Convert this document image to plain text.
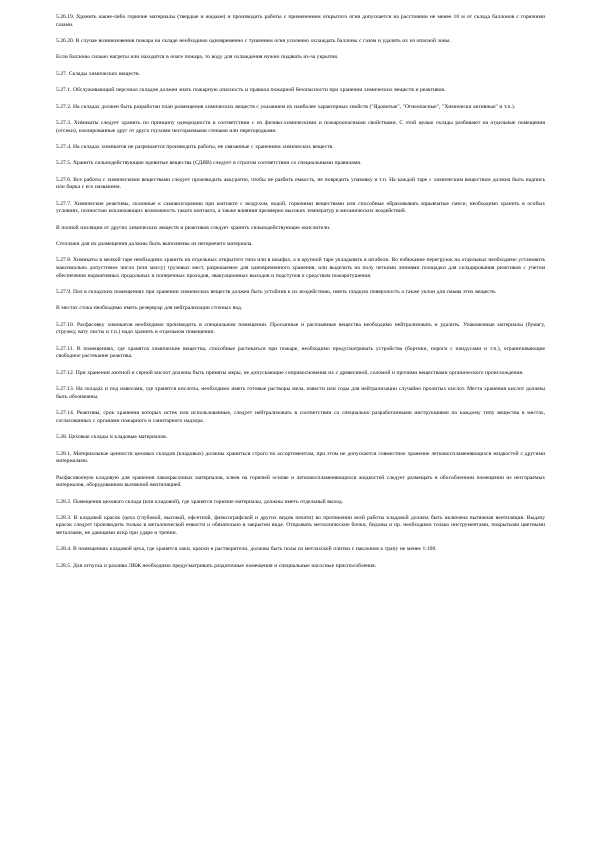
5.26.19. Хранить какие-либо горючие материалы (твердые и жидкие) и производить работы с применением открытого огня допускается на расстоянии не менее 10 м от склада баллонов с горючими газами.

5.26.20. В случае возникновения пожара на складе необходимо одновременно с тушением огня усиленно охлаждать баллоны с газом и удалять их из опасной зоны.

Если баллоны сильно нагреты или находятся в очаге пожара, то воду для охлаждения нужно подавать из-за укрытия.

5.27. Склады химических веществ.

5.27.1. Обслуживающий персонал складов должен знать пожарную опасность и правила пожарной безопасности при хранении химических веществ и реактивов.

5.27.2. На складах должен быть разработан план размещения химических веществ с указанием их наиболее характерных свойств ("Ядовитые", "Огнеопасные", "Химически активные" и т.п.).

5.27.3. Химикаты следует хранить по принципу однородности в соответствии с их физико-химическими и пожароопасными свойствами. С этой целью склады разбивают на отдельные помещения (отсеки), изолированные друг от друга глухими несгораемыми стенами или перегородками.

5.27.4. На складах химикатов не разрешается производить работы, не связанные с хранением химических веществ.

5.27.5. Хранить сильнодействующие ядовитые вещества (СДЯВ) следует в строгом соответствии со специальными правилами.

5.27.6. Все работы с химическими веществами следует производить аккуратно, чтобы не разбить емкость, не повредить упаковку и т.п. На каждой таре с химическим веществом должна быть надпись или бирка с его названием.

5.27.7. Химические реактивы, склонные к самовозгоранию при контакте с воздухом, водой, горючими веществами или способные образовывать взрывчатые смеси, необходимо хранить в особых условиях, полностью исключающих возможность такого контакта, а также влияния чрезмерно высоких температур и механических воздействий.

В полной изоляции от других химических веществ и реактивов следует хранить сильнодействующие окислители.

Стеллажи для их размещения должны быть выполнены из негорючего материала.

5.27.8. Химикаты в мелкой таре необходимо хранить на отдельных открытого типа или в шкафах, а в крупной таре укладывать в штабели. Во избежание перегрузок на отдельных необходимо установить максимально допустимое число (или массу) грузовых мест, разрешаемое для одновременного хранения, или выделить на полу четкими линиями площадки для складирования реактивов с учетом обеспечения нормативных продольных и поперечных проходов, эвакуационных выходов и подступов к средствам пожаротушения.

5.27.9. Пол в складских помещениях при хранении химических веществ должен быть устойчив к их воздействию, иметь гладкую поверхность а также уклон для смыва этих веществ.

В местах стока необходимо иметь резервуар для нейтрализации сточных вод.

5.27.10. Расфасовку химикатов необходимо производить в специальном помещении. Просыпные и расплывные вещества необходимо нейтрализовать и удалить. Упаковочные материалы (бумагу, стружку, вату листы и т.п.) надо хранить в отдельном помещении.

5.27.11. В помещениях, где хранятся химические вещества, способные растекаться при пожаре, необходимо предусматривать устройства (бортики, пороги с пандусами и т.п.), ограничивающие свободное растекание реактива.

5.27.12. При хранении азотной и серной кислот должны быть приняты меры, не допускающие соприкосновения их с древесиной, соломой и прочими веществами органического происхождения.

5.27.13. На складах и под навесами, где хранятся кислоты, необходимо иметь готовые растворы мела, извести или соды для нейтрализации случайно пролитых кислот. Места хранения кислот должны быть обозначены.

5.27.14. Реактивы, срок хранения которых истек или использованные, следует нейтрализовать в соответствии со специально разработанными инструкциями по каждому типу вещества в местах, согласованных с органами пожарного и санитарного надзора.

5.28. Цеховые склады и кладовые материалов.

5.28.1. Материальные ценности цеховых складов (кладовых) должны храниться строго по ассортиментам, при этом не допускается совместное хранение легковоспламеняющихся жидкостей с другими материалами.

Расфасовочную кладовую для хранения лакокрасочных материалов, клеев на горючей основе и легковоспламеняющихся жидкостей следует размещать в обособленном помещении из несгораемых материалов, оборудованном вытяжной вентиляцией.

5.28.2. Помещения цехового склада (или кладовой), где хранятся горючие материалы, должны иметь отдельный выход.

5.28.3. В кладовой красок (цеха (глубокой, высокой, офсетной, флексографской и других видов печати) во протяжении всей работы кладовой должна быть включена вытяжная вентиляция. Выдачу красок следует производить только в металлической емкости и обязательно в закрытом виде. Открывать металлические бочки, бидоны и пр. необходимо только инструментами, покрытыми цветными металлами, не дающими искр при ударе и трении.

5.28.4. В помещениях кладовой цеха, где хранятся лаки, краски и растворители, должны быть полы из метлахской плитки с наклоном к трапу не менее 1:100.

5.28.5. Для отпуска и разлива ЛВЖ необходимо предусматривать раздаточные помещения и специальные насосные приспособления.
